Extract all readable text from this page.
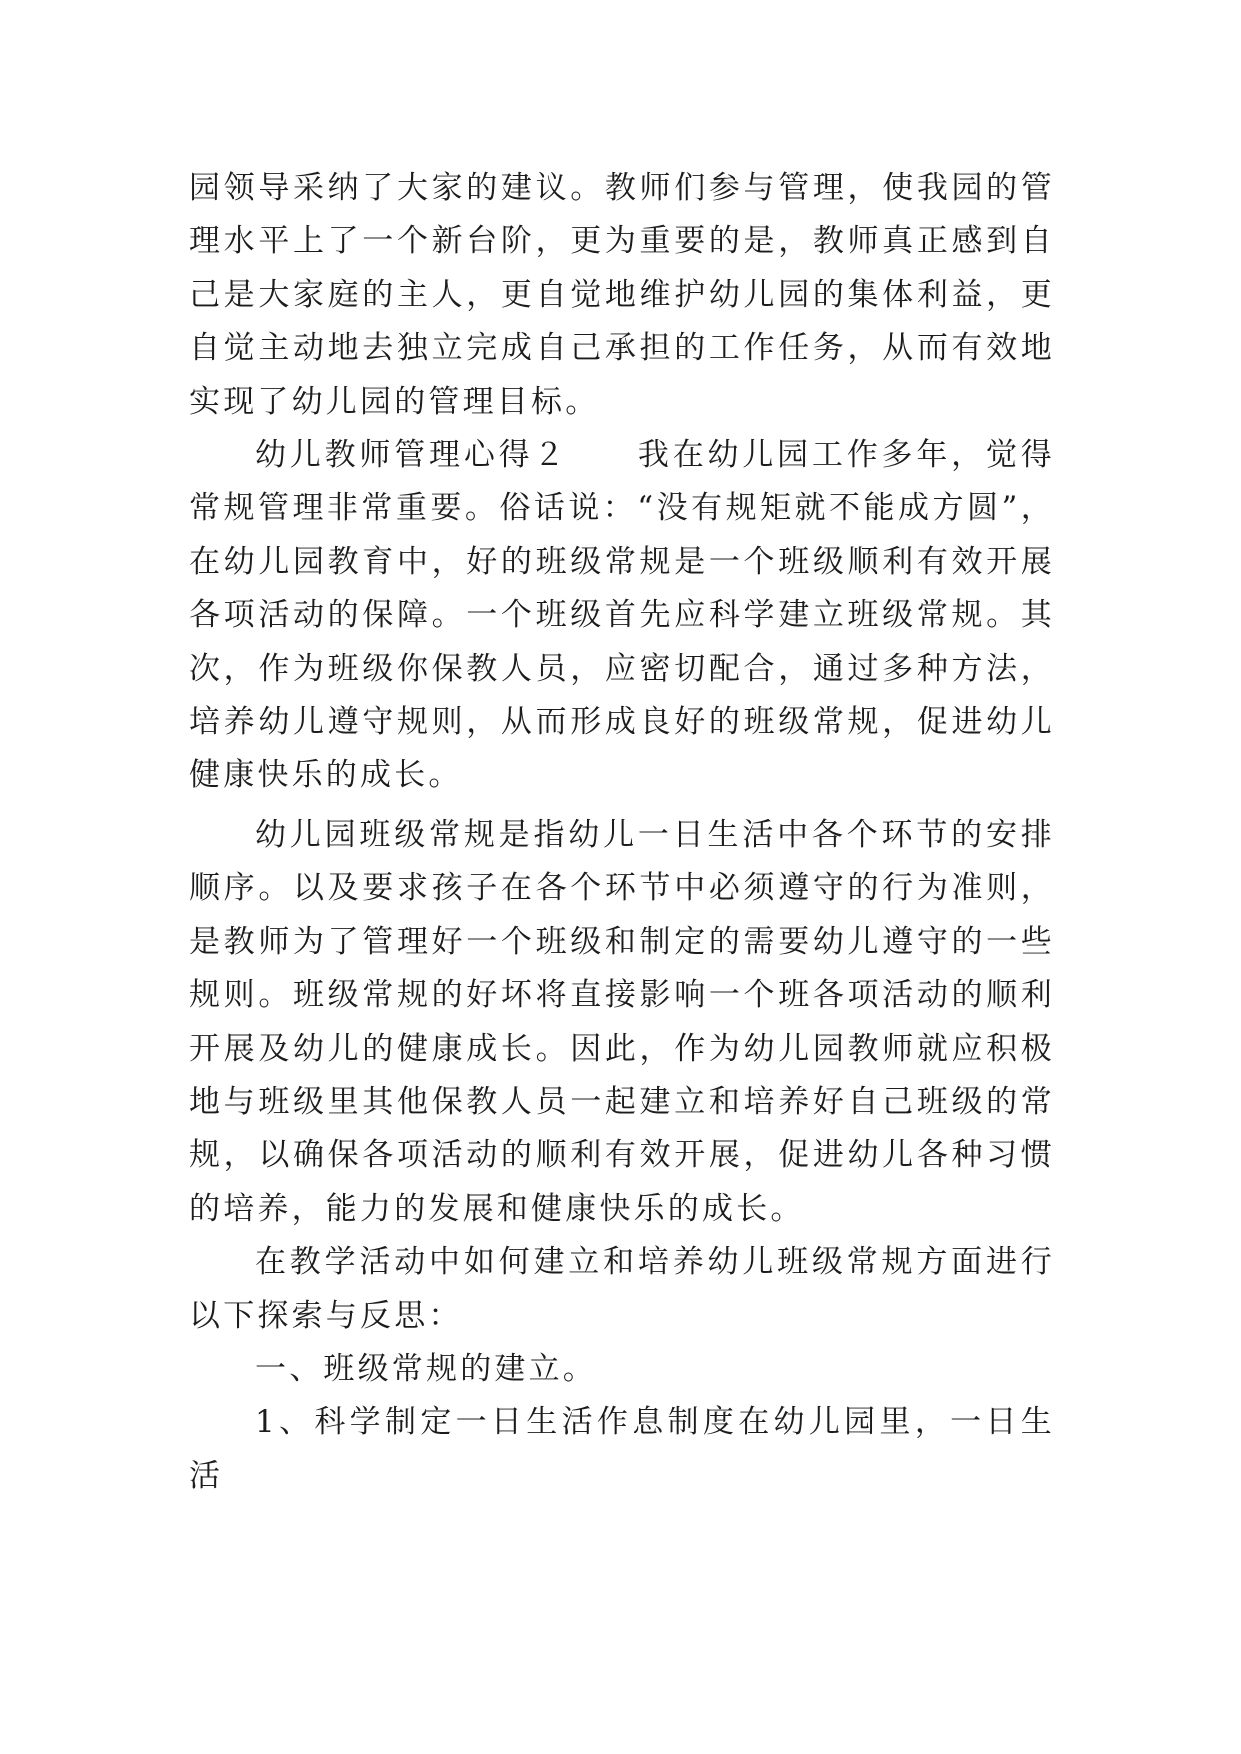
园领导采纳了大家的建议。教师们参与管理，使我园的管理水平上了一个新台阶，更为重要的是，教师真正感到自己是大家庭的主人，更自觉地维护幼儿园的集体利益，更自觉主动地去独立完成自己承担的工作任务，从而有效地实现了幼儿园的管理目标。

幼儿教师管理心得２　　我在幼儿园工作多年，觉得常规管理非常重要。俗话说：“没有规矩就不能成方圆”，在幼儿园教育中，好的班级常规是一个班级顺利有效开展各项活动的保障。一个班级首先应科学建立班级常规。其次，作为班级你保教人员，应密切配合，通过多种方法，培养幼儿遵守规则，从而形成良好的班级常规，促进幼儿健康快乐的成长。

幼儿园班级常规是指幼儿一日生活中各个环节的安排顺序。以及要求孩子在各个环节中必须遵守的行为准则，是教师为了管理好一个班级和制定的需要幼儿遵守的一些规则。班级常规的好坏将直接影响一个班各项活动的顺利开展及幼儿的健康成长。因此，作为幼儿园教师就应积极地与班级里其他保教人员一起建立和培养好自己班级的常规，以确保各项活动的顺利有效开展，促进幼儿各种习惯的培养，能力的发展和健康快乐的成长。

在教学活动中如何建立和培养幼儿班级常规方面进行以下探索与反思：

一、班级常规的建立。

1、科学制定一日生活作息制度在幼儿园里，一日生活
